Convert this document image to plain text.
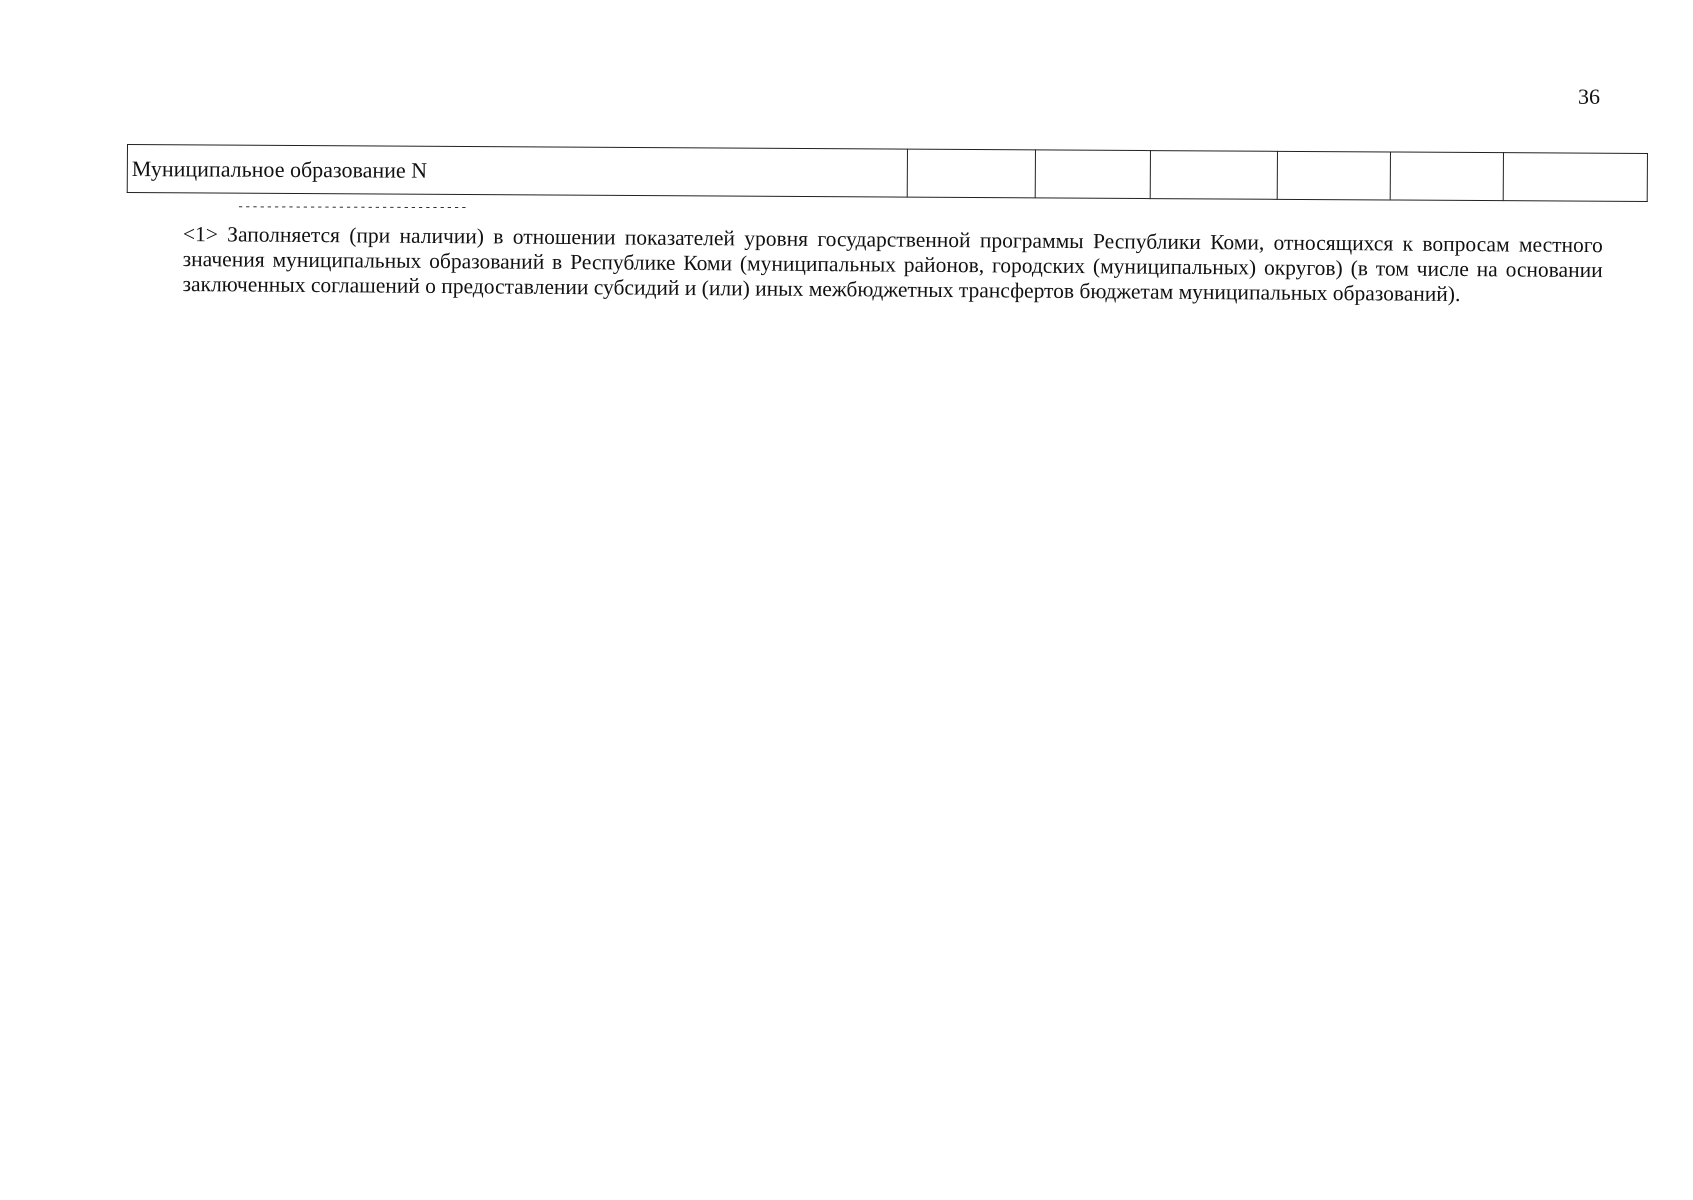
36
Муниципальное образование N						
--------------------------------
<1> Заполняется (при наличии) в отношении показателей уровня государственной программы Республики Коми, относящихся к вопросам местного значения муниципальных образований в Республике Коми (муниципальных районов, городских (муниципальных) округов) (в том числе на основании заключенных соглашений о предоставлении субсидий и (или) иных межбюджетных трансфертов бюджетам муниципальных образований).
